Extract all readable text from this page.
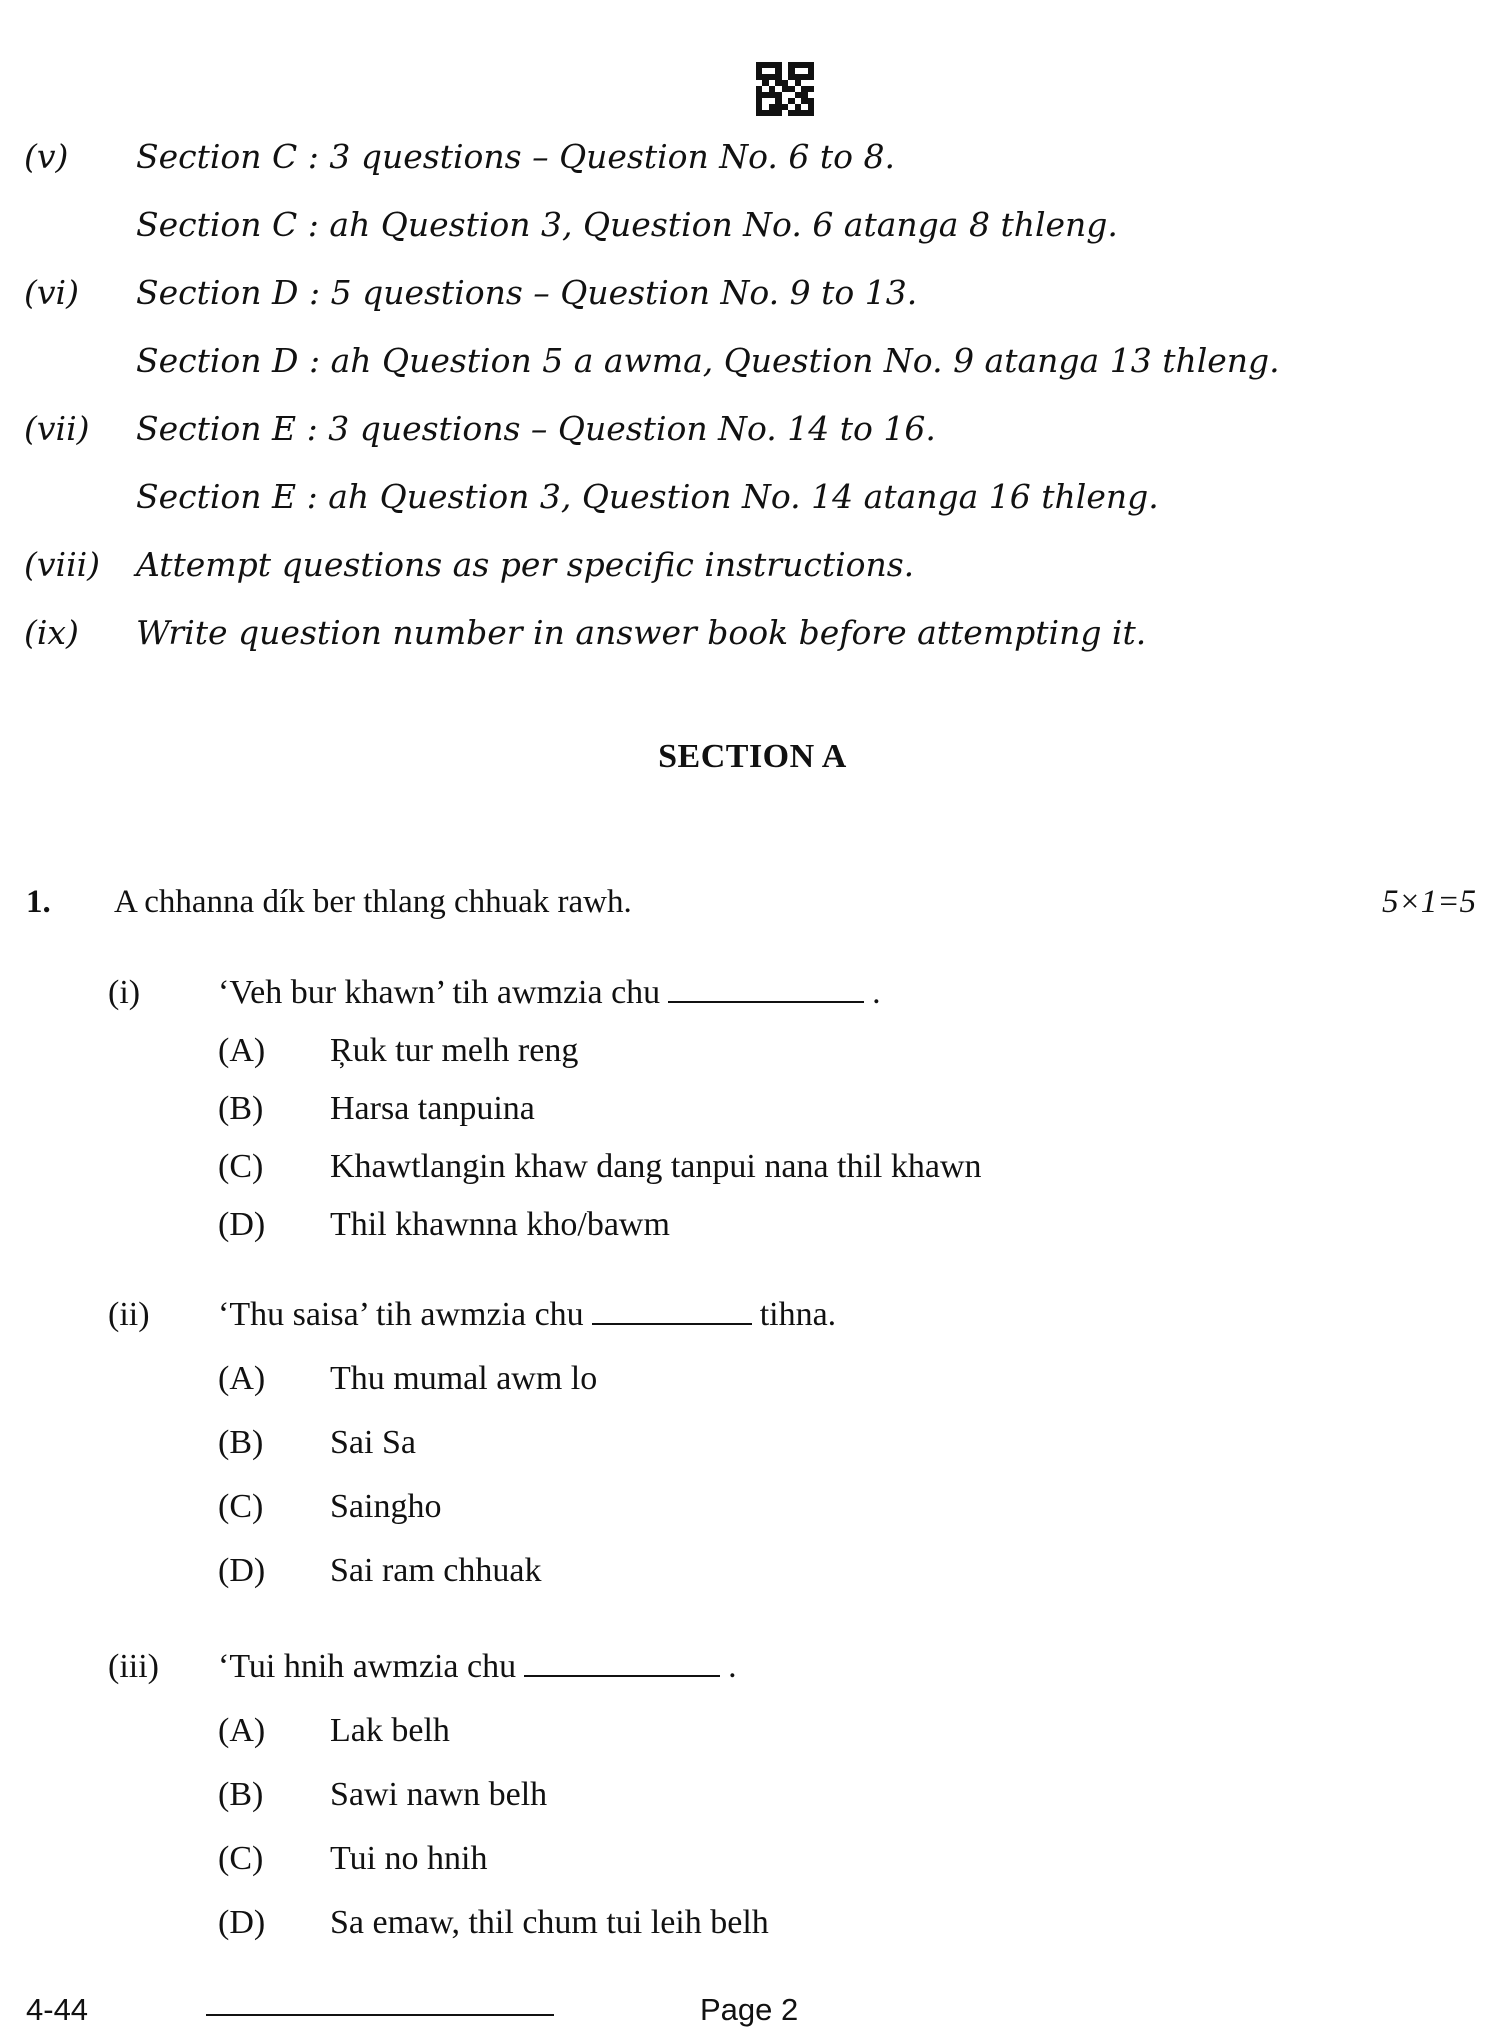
(v)	Section C : 3 questions – Question No. 6 to 8.
Section C : ah Question 3, Question No. 6 atanga 8 thleng.
(vi)	Section D : 5 questions – Question No. 9 to 13.
Section D : ah Question 5 a awma, Question No. 9 atanga 13 thleng.
(vii)	Section E : 3 questions – Question No. 14 to 16.
Section E : ah Question 3, Question No. 14 atanga 16 thleng.
(viii)	Attempt questions as per specific instructions.
(ix)	Write question number in answer book before attempting it.
SECTION A
1. A chhanna dík ber thlang chhuak rawh.	5×1=5
(i) ‘Veh bur khawn’ tih awmzia chu	.
(A) Ŗuk tur melh reng
(B) Harsa tanpuina
(C) Khawtlangin khaw dang tanpui nana thil khawn
(D) Thil khawnna kho/bawm
(ii) ‘Thu saisa’ tih awmzia chu	tihna.
(A) Thu mumal awm lo
(B) Sai Sa
(C) Saingho
(D) Sai ram chhuak
(iii) ‘Tui hnih awmzia chu	.
(A) Lak belh
(B) Sawi nawn belh
(C) Tui no hnih
(D) Sa emaw, thil chum tui leih belh
4-44	Page 2
